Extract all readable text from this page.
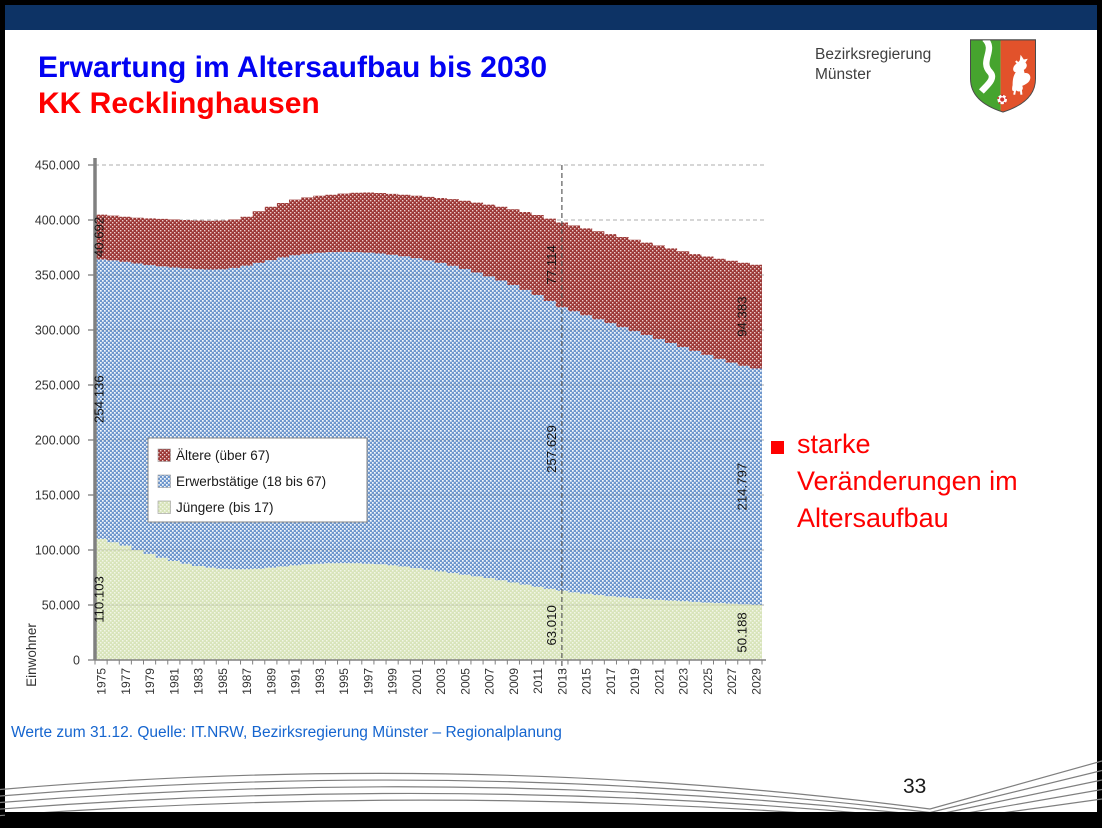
Erwartung im Altersaufbau bis 2030
KK Recklinghausen
Bezirksregierung
Münster
0
50.000
100.000
150.000
200.000
250.000
300.000
350.000
400.000
450.000
1975 1977 1979 1981 1983 1985 1987 1989 1991 1993 1995 1997 1999 2001 2003 2005 2007 2009 2011 2013 2015 2017 2019 2021 2023 2025 2027 2029
Einwohner
Ältere (über 67)
Erwerbstätige (18 bis 67)
Jüngere (bis 17)
110.103
254.136
40.692
63.010
257.629
77.114
50.188
214.797
94.383
starke Veränderungen im Altersaufbau
Werte zum 31.12. Quelle: IT.NRW, Bezirksregierung Münster – Regionalplanung
33
